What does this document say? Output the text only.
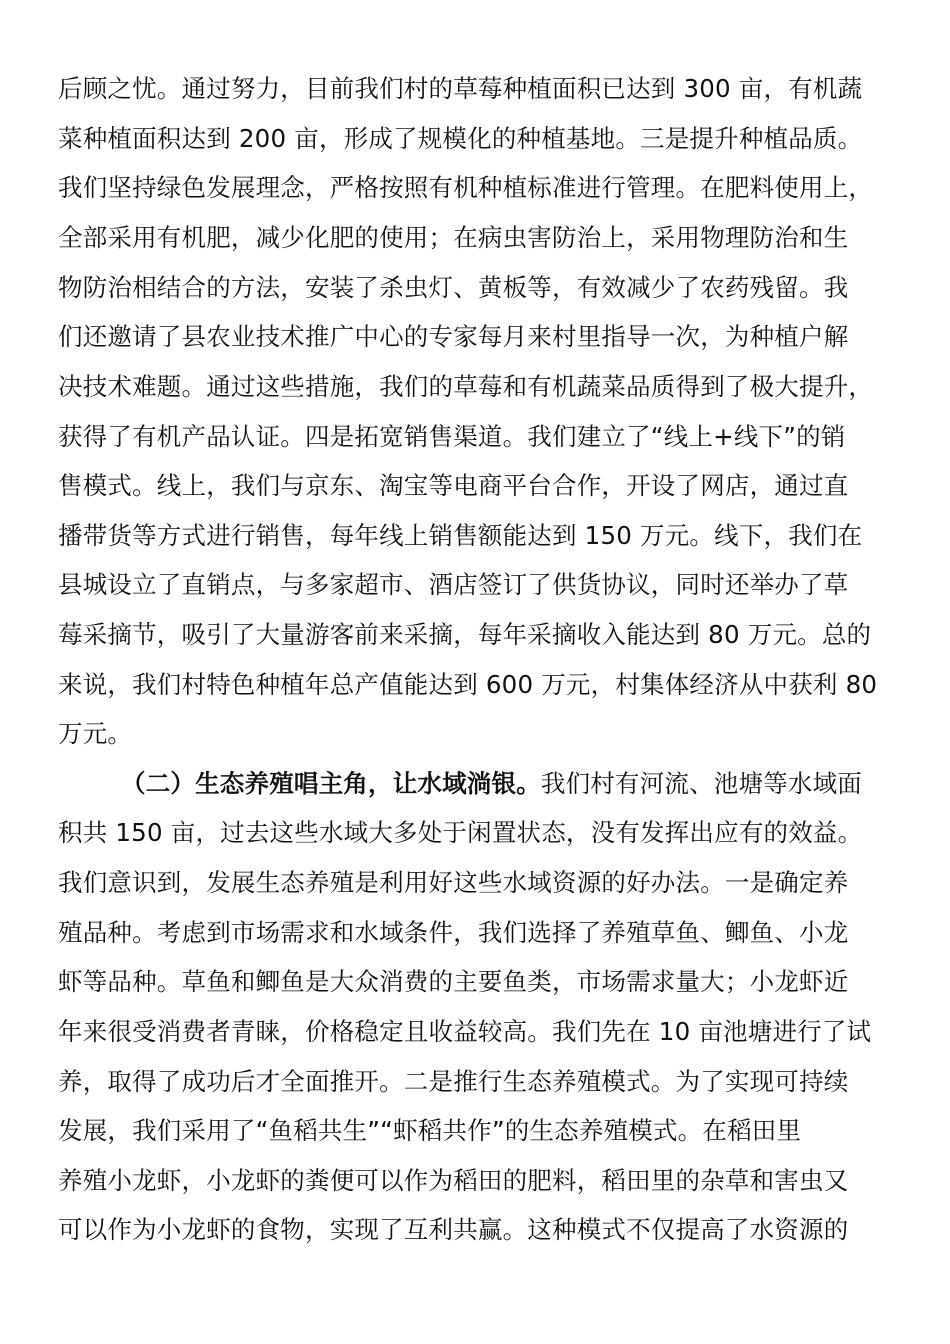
后顾之忧。通过努力，目前我们村的草莓种植面积已达到 300 亩，有机蔬
菜种植面积达到 200 亩，形成了规模化的种植基地。三是提升种植品质。
我们坚持绿色发展理念，严格按照有机种植标准进行管理。在肥料使用上，
全部采用有机肥，减少化肥的使用；在病虫害防治上，采用物理防治和生
物防治相结合的方法，安装了杀虫灯、黄板等，有效减少了农药残留。我
们还邀请了县农业技术推广中心的专家每月来村里指导一次，为种植户解
决技术难题。通过这些措施，我们的草莓和有机蔬菜品质得到了极大提升，
获得了有机产品认证。四是拓宽销售渠道。我们建立了“线上+线下”的销
售模式。线上，我们与京东、淘宝等电商平台合作，开设了网店，通过直
播带货等方式进行销售，每年线上销售额能达到 150 万元。线下，我们在
县城设立了直销点，与多家超市、酒店签订了供货协议，同时还举办了草
莓采摘节，吸引了大量游客前来采摘，每年采摘收入能达到 80 万元。总的
来说，我们村特色种植年总产值能达到 600 万元，村集体经济从中获利 80
万元。
（二）生态养殖唱主角，让水域淌银。我们村有河流、池塘等水域面
积共 150 亩，过去这些水域大多处于闲置状态，没有发挥出应有的效益。
我们意识到，发展生态养殖是利用好这些水域资源的好办法。一是确定养
殖品种。考虑到市场需求和水域条件，我们选择了养殖草鱼、鲫鱼、小龙
虾等品种。草鱼和鲫鱼是大众消费的主要鱼类，市场需求量大；小龙虾近
年来很受消费者青睐，价格稳定且收益较高。我们先在 10 亩池塘进行了试
养，取得了成功后才全面推开。二是推行生态养殖模式。为了实现可持续
发展，我们采用了“鱼稻共生”“虾稻共作”的生态养殖模式。在稻田里
养殖小龙虾，小龙虾的粪便可以作为稻田的肥料，稻田里的杂草和害虫又
可以作为小龙虾的食物，实现了互利共赢。这种模式不仅提高了水资源的
